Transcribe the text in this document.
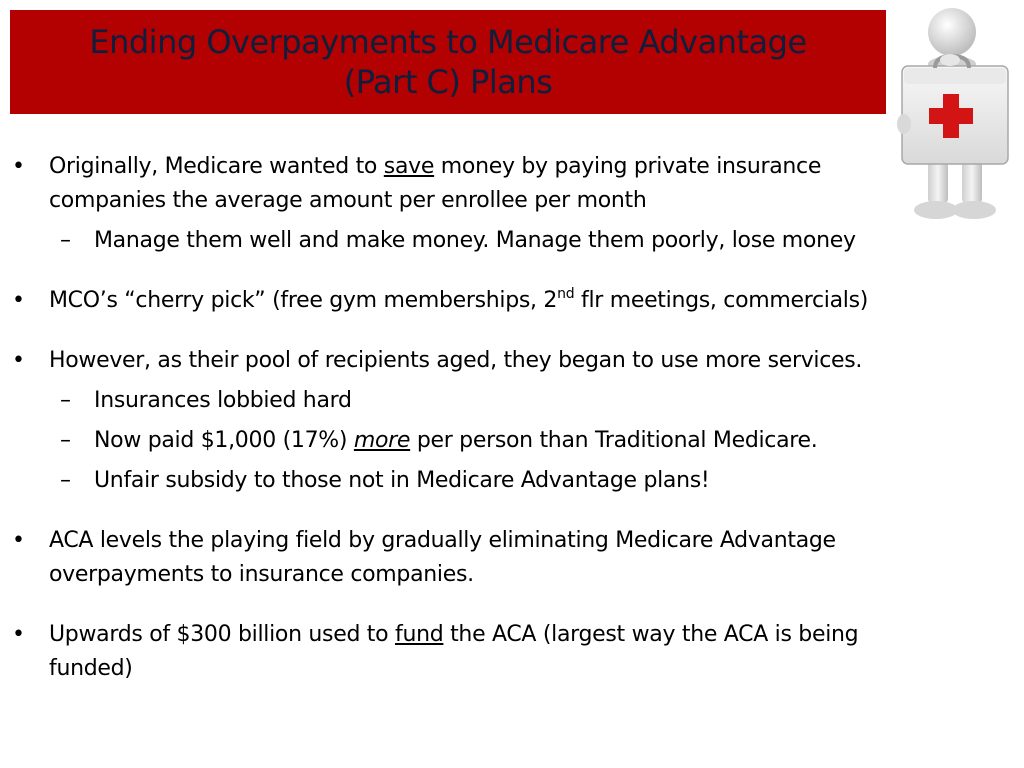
Ending Overpayments to Medicare Advantage
(Part C) Plans
• Originally, Medicare wanted to save money by paying private insurance companies the average amount per enrollee per month
– Manage them well and make money. Manage them poorly, lose money
• MCO’s “cherry pick” (free gym memberships, 2nd flr meetings, commercials)
• However, as their pool of recipients aged, they began to use more services.
– Insurances lobbied hard
– Now paid $1,000 (17%) more per person than Traditional Medicare.
– Unfair subsidy to those not in Medicare Advantage plans!
• ACA levels the playing field by gradually eliminating Medicare Advantage overpayments to insurance companies.
• Upwards of $300 billion used to fund the ACA (largest way the ACA is being funded)
